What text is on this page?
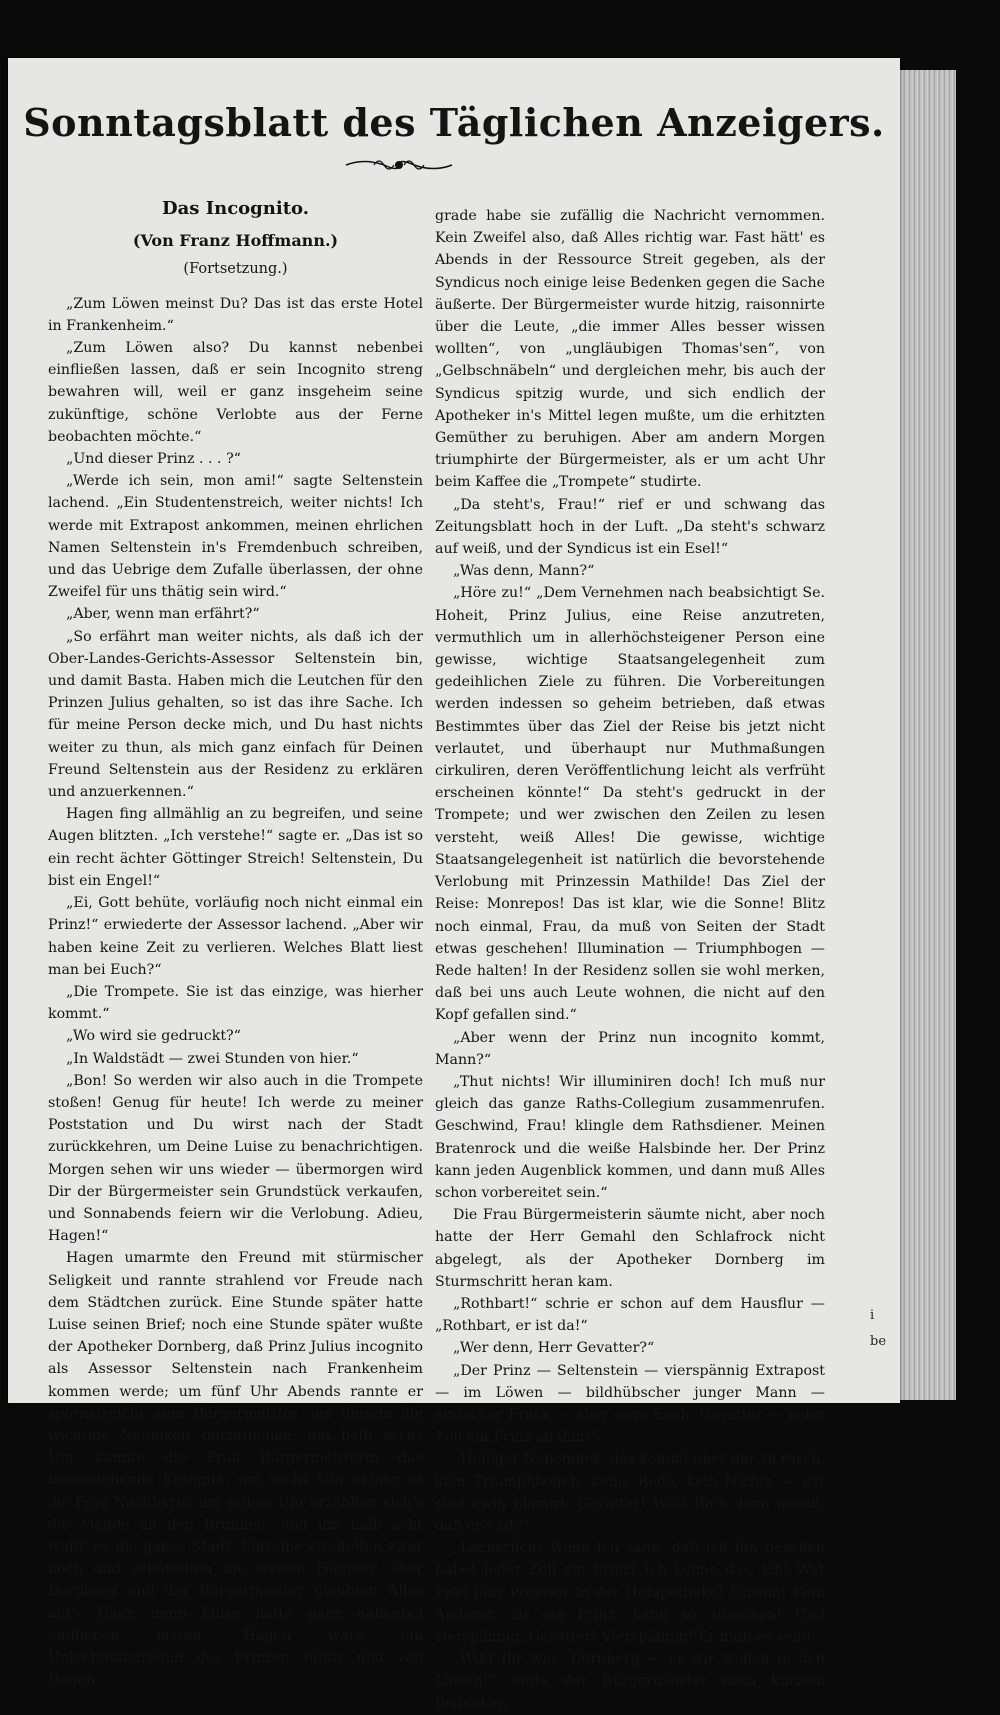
Sonntagsblatt des Täglichen Anzeigers.
Das Incognito.
(Von Franz Hoffmann.)
(Fortsetzung.)

„Zum Löwen meinst Du? Das ist das erste Hotel in Frankenheim.“

„Zum Löwen also? Du kannst nebenbei einfließen lassen, daß er sein Incognito streng bewahren will, weil er ganz insgeheim seine zukünftige, schöne Verlobte aus der Ferne beobachten möchte.“

„Und dieser Prinz . . . ?“

„Werde ich sein, mon ami!“ sagte Seltenstein lachend. „Ein Studentenstreich, weiter nichts! Ich werde mit Extrapost ankommen, meinen ehrlichen Namen Seltenstein in's Fremdenbuch schreiben, und das Uebrige dem Zufalle überlassen, der ohne Zweifel für uns thätig sein wird.“

„Aber, wenn man erfährt?“

„So erfährt man weiter nichts, als daß ich der Ober-Landes-Gerichts-Assessor Seltenstein bin, und damit Basta. Haben mich die Leutchen für den Prinzen Julius gehalten, so ist das ihre Sache. Ich für meine Person decke mich, und Du hast nichts weiter zu thun, als mich ganz einfach für Deinen Freund Seltenstein aus der Residenz zu erklären und anzuerkennen.“

Hagen fing allmählig an zu begreifen, und seine Augen blitzten. „Ich verstehe!“ sagte er. „Das ist so ein recht ächter Göttinger Streich! Seltenstein, Du bist ein Engel!“

„Ei, Gott behüte, vorläufig noch nicht einmal ein Prinz!“ erwiederte der Assessor lachend. „Aber wir haben keine Zeit zu verlieren. Welches Blatt liest man bei Euch?“

„Die Trompete. Sie ist das einzige, was hierher kommt.“

„Wo wird sie gedruckt?“

„In Waldstädt — zwei Stunden von hier.“

„Bon! So werden wir also auch in die Trompete stoßen! Genug für heute! Ich werde zu meiner Poststation und Du wirst nach der Stadt zurückkehren, um Deine Luise zu benachrichtigen. Morgen sehen wir uns wieder — übermorgen wird Dir der Bürgermeister sein Grundstück verkaufen, und Sonnabends feiern wir die Verlobung. Adieu, Hagen!“

Hagen umarmte den Freund mit stürmischer Seligkeit und rannte strahlend vor Freude nach dem Städtchen zurück. Eine Stunde später hatte Luise seinen Brief; noch eine Stunde später wußte der Apotheker Dornberg, daß Prinz Julius incognito als Assessor Seltenstein nach Frankenheim kommen werde; um fünf Uhr Abends rannte er spornstreichs zum Bürgermeister, um diesem die wichtige Neuigkeit mitzutheilen; um halb sechs Uhr kannte die Frau Bürgermeisterin das bevorstehende Ereigniß; um sechs Uhr erfuhr es die Frau Nachbarin, um sieben Uhr erzählten sich's die Mägde an den Brunnen, und um halb acht wußt' es die ganze Stadt. Einzelne zweifelten zwar noch und schüttelten die weisen Häupter, aber Dornberg und der Bürgermeister glaubten Alles auf's Haar, denn Luise hatte ganz nebenbei einfließen lassen, Hagen wäre ein Universitätsfreund des Prinzen Julius und von Hagen

grade habe sie zufällig die Nachricht vernommen. Kein Zweifel also, daß Alles richtig war. Fast hätt' es Abends in der Ressource Streit gegeben, als der Syndicus noch einige leise Bedenken gegen die Sache äußerte. Der Bürgermeister wurde hitzig, raisonnirte über die Leute, „die immer Alles besser wissen wollten“, von „ungläubigen Thomas'sen“, von „Gelbschnäbeln“ und dergleichen mehr, bis auch der Syndicus spitzig wurde, und sich endlich der Apotheker in's Mittel legen mußte, um die erhitzten Gemüther zu beruhigen. Aber am andern Morgen triumphirte der Bürgermeister, als er um acht Uhr beim Kaffee die „Trompete“ studirte.

„Da steht's, Frau!“ rief er und schwang das Zeitungsblatt hoch in der Luft. „Da steht's schwarz auf weiß, und der Syndicus ist ein Esel!“

„Was denn, Mann?“

„Höre zu!“ „Dem Vernehmen nach beabsichtigt Se. Hoheit, Prinz Julius, eine Reise anzutreten, vermuthlich um in allerhöchsteigener Person eine gewisse, wichtige Staatsangelegenheit zum gedeihlichen Ziele zu führen. Die Vorbereitungen werden indessen so geheim betrieben, daß etwas Bestimmtes über das Ziel der Reise bis jetzt nicht verlautet, und überhaupt nur Muthmaßungen cirkuliren, deren Veröffentlichung leicht als verfrüht erscheinen könnte!“ Da steht's gedruckt in der Trompete; und wer zwischen den Zeilen zu lesen versteht, weiß Alles! Die gewisse, wichtige Staatsangelegenheit ist natürlich die bevorstehende Verlobung mit Prinzessin Mathilde! Das Ziel der Reise: Monrepos! Das ist klar, wie die Sonne! Blitz noch einmal, Frau, da muß von Seiten der Stadt etwas geschehen! Illumination — Triumphbogen — Rede halten! In der Residenz sollen sie wohl merken, daß bei uns auch Leute wohnen, die nicht auf den Kopf gefallen sind.“

„Aber wenn der Prinz nun incognito kommt, Mann?“

„Thut nichts! Wir illuminiren doch! Ich muß nur gleich das ganze Raths-Collegium zusammenrufen. Geschwind, Frau! klingle dem Rathsdiener. Meinen Bratenrock und die weiße Halsbinde her. Der Prinz kann jeden Augenblick kommen, und dann muß Alles schon vorbereitet sein.“

Die Frau Bürgermeisterin säumte nicht, aber noch hatte der Herr Gemahl den Schlafrock nicht abgelegt, als der Apotheker Dornberg im Sturmschritt heran kam.

„Rothbart!“ schrie er schon auf dem Hausflur — „Rothbart, er ist da!“

„Wer denn, Herr Gevatter?“

„Der Prinz — Seltenstein — vierspännig Extrapost — im Löwen — bildhübscher junger Mann — einfacher Frack — aber sage Euch, Gevatter — jeder Zoll ein Prinz an ihm!“

„Heiliger Nepomuck, das kommt aber gar zu rasch, kein Triumphbogen, keine Rede, kein Nichts — wir sind ewig blamirt, Gevatter! Wißt Ihr's denn gewiß, daß er's ist?“

„Lächerlich! Wenn ich sage, daß ich ihn gesehen habe! Jeder Zoll ein Prinz! Ich kenne das, ich! War zwei Jahr Provisor in der Hofapotheke! Unsinn! Kein Anderer, als ein Prinz, kann so aussehen! Und vierspännig, Gevatter! Vierspännig! Er muß es sein!“

„Wißt Ihr was, Dornberg — er wir wollen in den Löwen!“ sagte der Bürgermeister nach kurzem Bedenken.

i
be
